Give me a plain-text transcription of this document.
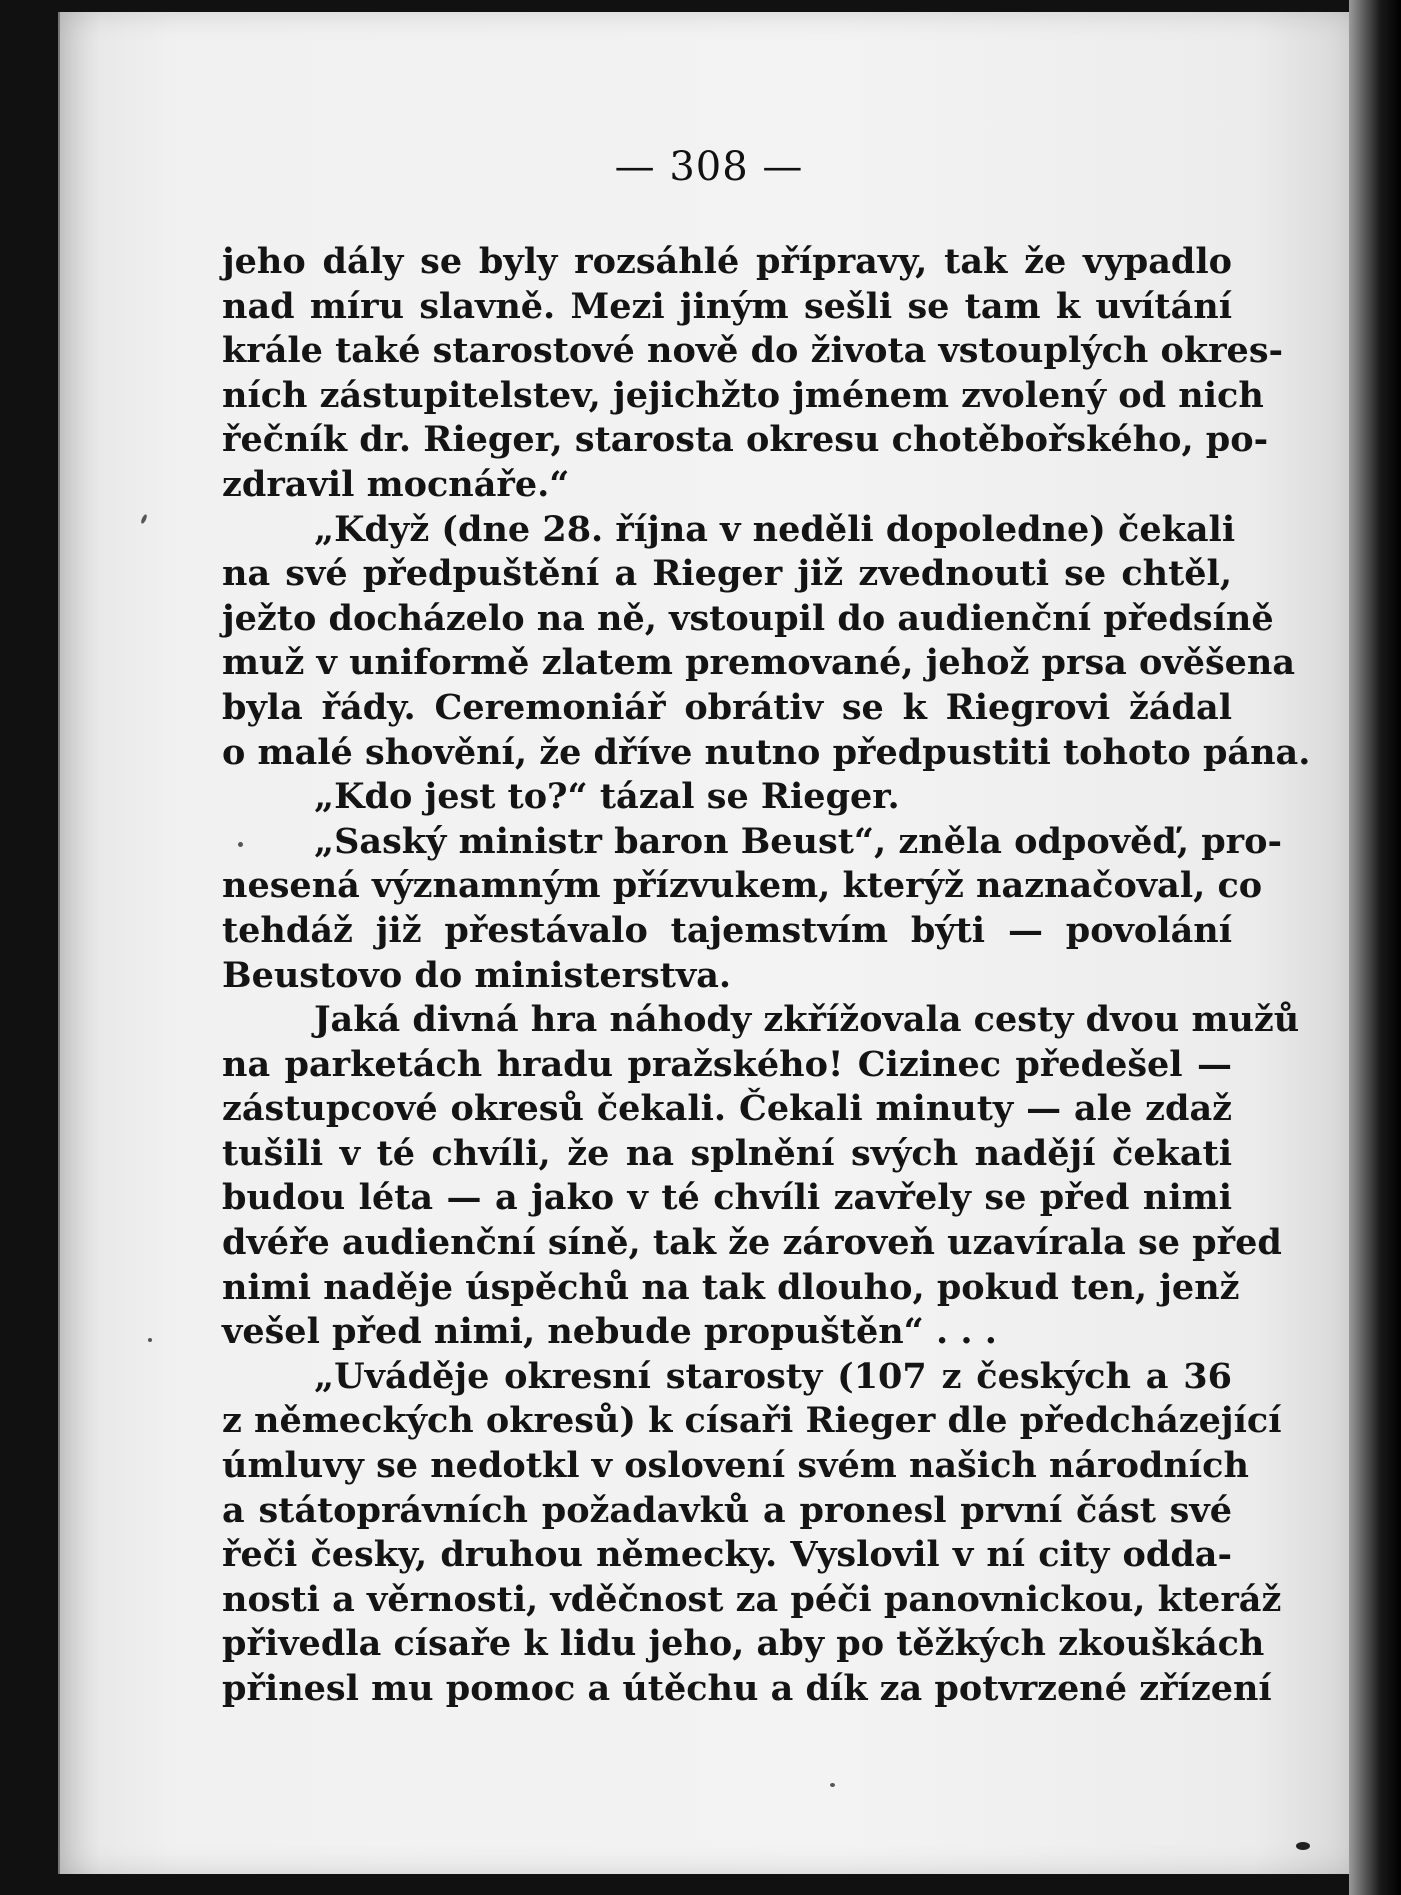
— 308 —
jeho dály se byly rozsáhlé přípravy, tak že vypadlo
nad míru slavně. Mezi jiným sešli se tam k uvítání
krále také starostové nově do života vstouplých okres-
ních zástupitelstev, jejichžto jménem zvolený od nich
řečník dr. Rieger, starosta okresu chotěbořského, po-
zdravil mocnáře.“
„Když (dne 28. října v neděli dopoledne) čekali
na své předpuštění a Rieger již zvednouti se chtěl,
ježto docházelo na ně, vstoupil do audienční předsíně
muž v uniformě zlatem premované, jehož prsa ověšena
byla řády. Ceremoniář obrátiv se k Riegrovi žádal
o malé shovění, že dříve nutno předpustiti tohoto pána.
„Kdo jest to?“ tázal se Rieger.
„Saský ministr baron Beust“, zněla odpověď, pro-
nesená významným přízvukem, kterýž naznačoval, co
tehdáž již přestávalo tajemstvím býti — povolání
Beustovo do ministerstva.
Jaká divná hra náhody zkřížovala cesty dvou mužů
na parketách hradu pražského! Cizinec předešel —
zástupcové okresů čekali. Čekali minuty — ale zdaž
tušili v té chvíli, že na splnění svých nadějí čekati
budou léta — a jako v té chvíli zavřely se před nimi
dvéře audienční síně, tak že zároveň uzavírala se před
nimi naděje úspěchů na tak dlouho, pokud ten, jenž
vešel před nimi, nebude propuštěn“ . . .
„Uváděje okresní starosty (107 z českých a 36
z německých okresů) k císaři Rieger dle předcházející
úmluvy se nedotkl v oslovení svém našich národních
a státoprávních požadavků a pronesl první část své
řeči česky, druhou německy. Vyslovil v ní city odda-
nosti a věrnosti, vděčnost za péči panovnickou, kteráž
přivedla císaře k lidu jeho, aby po těžkých zkouškách
přinesl mu pomoc a útěchu a dík za potvrzené zřízení
